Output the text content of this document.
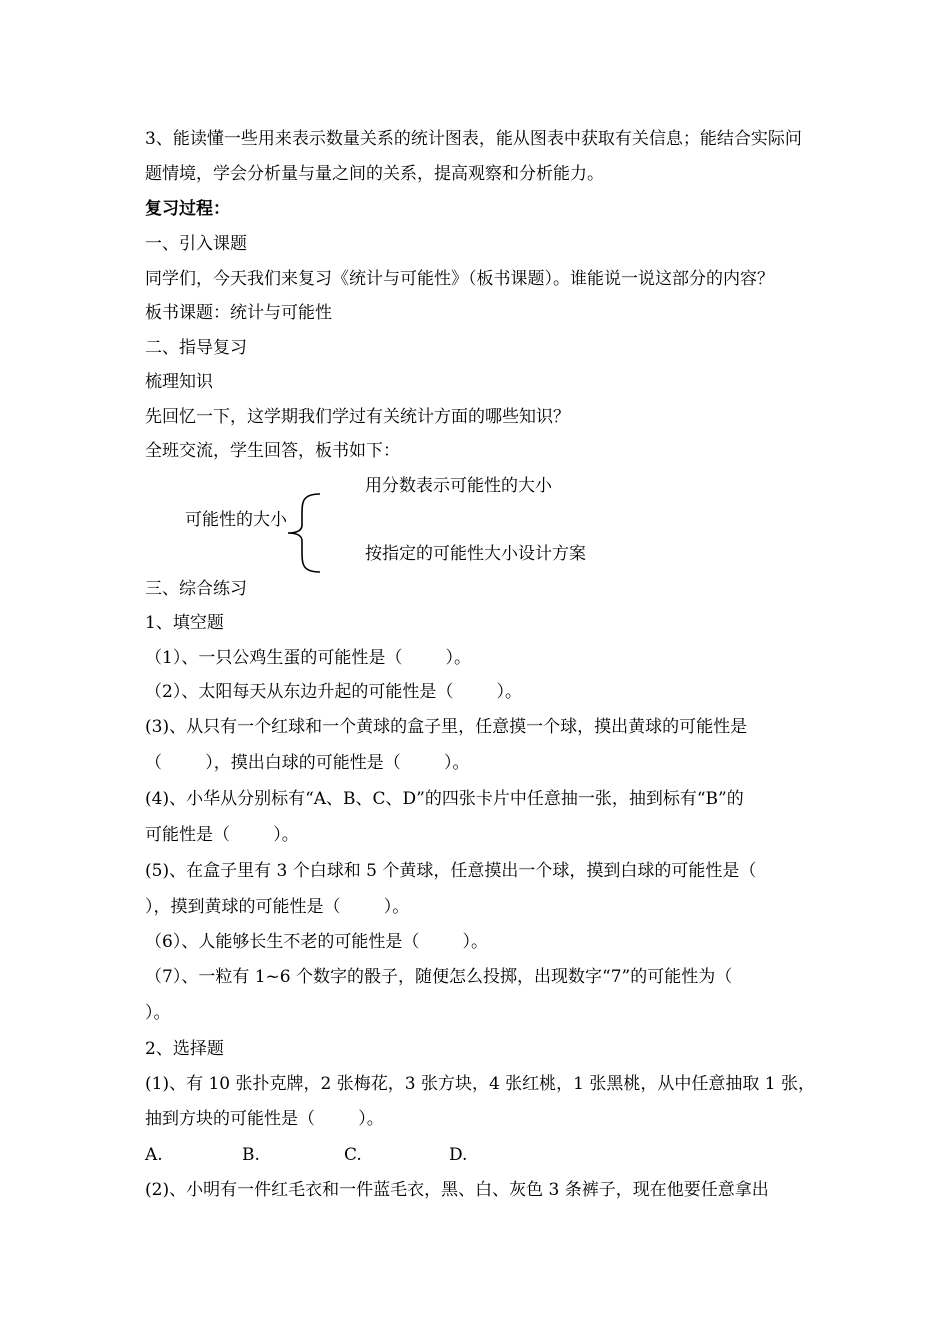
3、能读懂一些用来表示数量关系的统计图表，能从图表中获取有关信息；能结合实际问
题情境，学会分析量与量之间的关系，提高观察和分析能力。
复习过程：
一、引入课题
同学们，今天我们来复习《统计与可能性》（板书课题）。谁能说一说这部分的内容？
板书课题：统计与可能性
二、指导复习
梳理知识
先回忆一下，这学期我们学过有关统计方面的哪些知识？
全班交流，学生回答，板书如下：
用分数表示可能性的大小
可能性的大小
按指定的可能性大小设计方案
三、综合练习
1、填空题
（1）、一只公鸡生蛋的可能性是（        ）。
（2）、太阳每天从东边升起的可能性是（        ）。
(3)、从只有一个红球和一个黄球的盒子里，任意摸一个球，摸出黄球的可能性是
（        ），摸出白球的可能性是（        ）。
(4)、小华从分别标有“A、B、C、D”的四张卡片中任意抽一张，抽到标有“B”的
可能性是（        ）。
(5)、在盒子里有 3 个白球和 5 个黄球，任意摸出一个球，摸到白球的可能性是（
），摸到黄球的可能性是（        ）。
（6）、人能够长生不老的可能性是（        ）。
（7）、一粒有 1~6 个数字的骰子，随便怎么投掷，出现数字“7”的可能性为（
）。
2、选择题
(1)、有 10 张扑克牌，2 张梅花，3 张方块，4 张红桃，1 张黑桃，从中任意抽取 1 张，
抽到方块的可能性是（        ）。
A.	B.	C.	D.
(2)、小明有一件红毛衣和一件蓝毛衣，黑、白、灰色 3 条裤子，现在他要任意拿出
